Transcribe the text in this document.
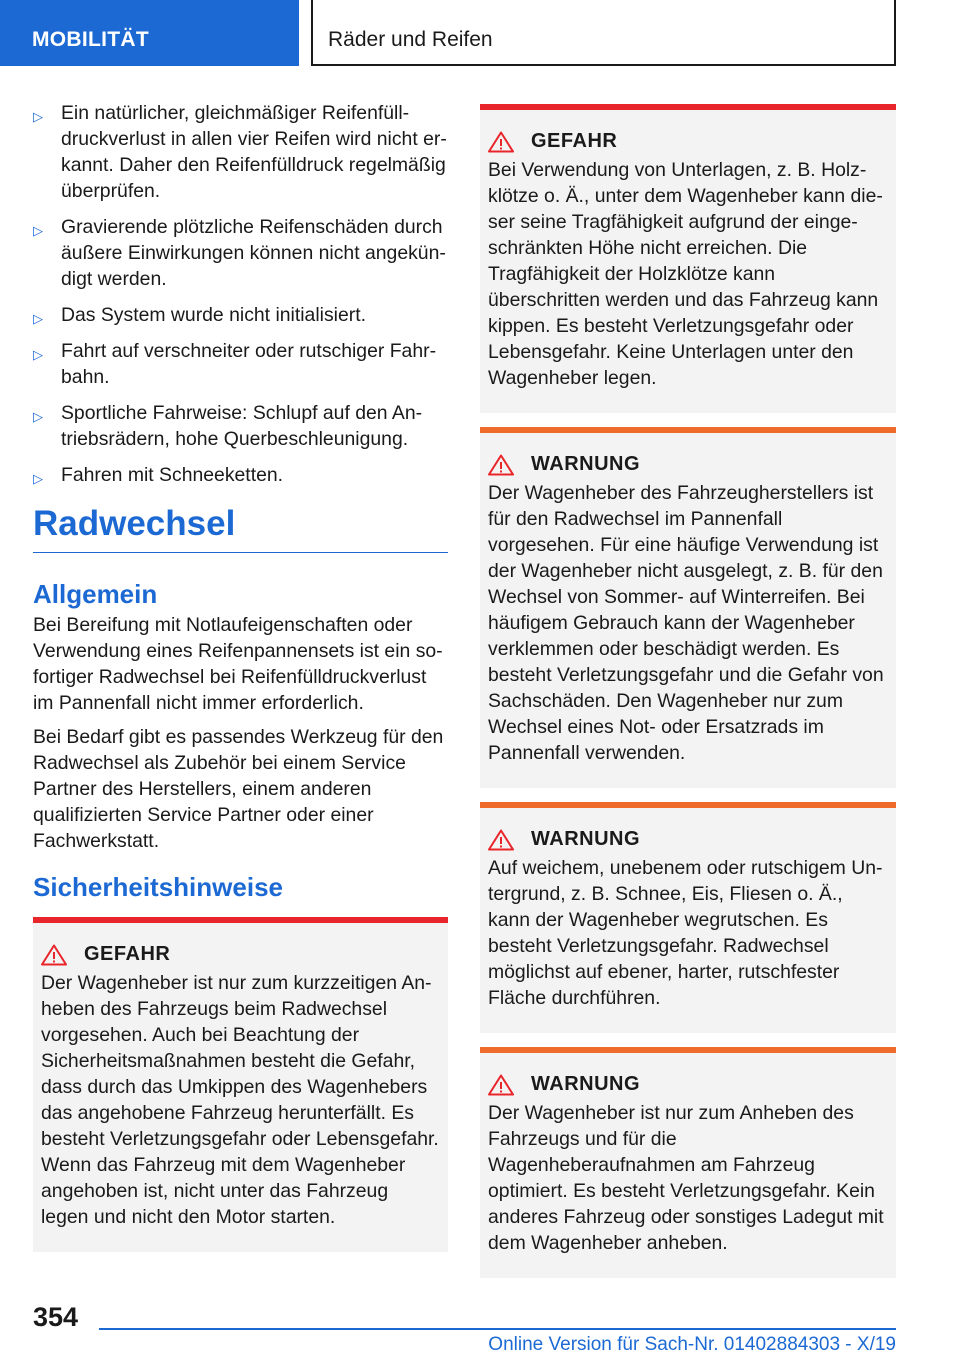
MOBILITÄT	Räder und Reifen
▷ Ein natürlicher, gleichmäßiger Reifenfülldruckverlust in allen vier Reifen wird nicht erkannt. Daher den Reifenfülldruck regelmäßig überprüfen.
▷ Gravierende plötzliche Reifenschäden durch äußere Einwirkungen können nicht angekündigt werden.
▷ Das System wurde nicht initialisiert.
▷ Fahrt auf verschneiter oder rutschiger Fahrbahn.
▷ Sportliche Fahrweise: Schlupf auf den Antriebsrädern, hohe Querbeschleunigung.
▷ Fahren mit Schneeketten.
Radwechsel
Allgemein

Bei Bereifung mit Notlaufeigenschaften oder Verwendung eines Reifenpannensets ist ein sofortiger Radwechsel bei Reifenfülldruckverlust im Pannenfall nicht immer erforderlich.

Bei Bedarf gibt es passendes Werkzeug für den Radwechsel als Zubehör bei einem Service Partner des Herstellers, einem anderen qualifizierten Service Partner oder einer Fachwerkstatt.

Sicherheitshinweise
GEFAHR
Der Wagenheber ist nur zum kurzzeitigen Anheben des Fahrzeugs beim Radwechsel vorgesehen. Auch bei Beachtung der Sicherheitsmaßnahmen besteht die Gefahr, dass durch das Umkippen des Wagenhebers das angehobene Fahrzeug herunterfällt. Es besteht Verletzungsgefahr oder Lebensgefahr. Wenn das Fahrzeug mit dem Wagenheber angehoben ist, nicht unter das Fahrzeug legen und nicht den Motor starten.
GEFAHR
Bei Verwendung von Unterlagen, z. B. Holzklötze o. Ä., unter dem Wagenheber kann dieser seine Tragfähigkeit aufgrund der eingeschränkten Höhe nicht erreichen. Die Tragfähigkeit der Holzklötze kann überschritten werden und das Fahrzeug kann kippen. Es besteht Verletzungsgefahr oder Lebensgefahr. Keine Unterlagen unter den Wagenheber legen.
WARNUNG
Der Wagenheber des Fahrzeugherstellers ist für den Radwechsel im Pannenfall vorgesehen. Für eine häufige Verwendung ist der Wagenheber nicht ausgelegt, z. B. für den Wechsel von Sommer- auf Winterreifen. Bei häufigem Gebrauch kann der Wagenheber verklemmen oder beschädigt werden. Es besteht Verletzungsgefahr und die Gefahr von Sachschäden. Den Wagenheber nur zum Wechsel eines Not- oder Ersatzrads im Pannenfall verwenden.
WARNUNG
Auf weichem, unebenem oder rutschigem Untergrund, z. B. Schnee, Eis, Fliesen o. Ä., kann der Wagenheber wegrutschen. Es besteht Verletzungsgefahr. Radwechsel möglichst auf ebener, harter, rutschfester Fläche durchführen.
WARNUNG
Der Wagenheber ist nur zum Anheben des Fahrzeugs und für die Wagenheberaufnahmen am Fahrzeug optimiert. Es besteht Verletzungsgefahr. Kein anderes Fahrzeug oder sonstiges Ladegut mit dem Wagenheber anheben.
354
Online Version für Sach-Nr. 01402884303 - X/19
